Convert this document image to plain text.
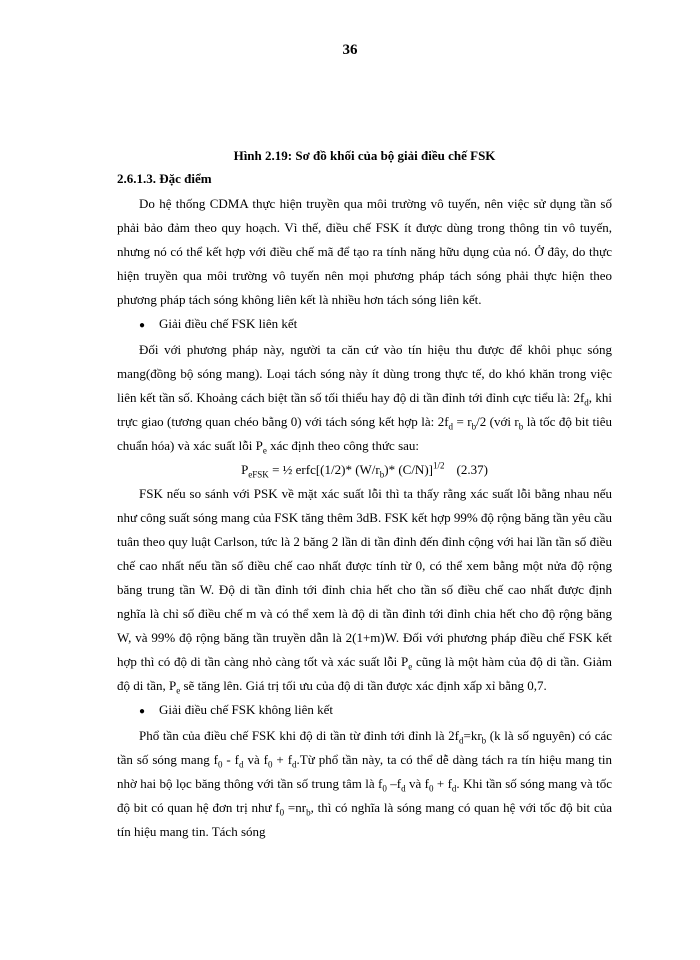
36
Hình 2.19: Sơ đồ khối của bộ giải điều chế FSK
2.6.1.3. Đặc điểm

Do hệ thống CDMA thực hiện truyền qua môi trường vô tuyến, nên việc sử dụng tần số phải bảo đảm theo quy hoạch. Vì thế, điều chế FSK ít được dùng trong thông tin vô tuyến, nhưng nó có thể kết hợp với điều chế mã để tạo ra tính năng hữu dụng của nó. Ở đây, do thực hiện truyền qua môi trường vô tuyến nên mọi phương pháp tách sóng phải thực hiện theo phương pháp tách sóng không liên kết là nhiều hơn tách sóng liên kết.

● Giải điều chế FSK liên kết

Đối với phương pháp này, người ta căn cứ vào tín hiệu thu được để khôi phục sóng mang(đồng bộ sóng mang). Loại tách sóng này ít dùng trong thực tế, do khó khăn trong việc liên kết tần số. Khoảng cách biệt tần số tối thiểu hay độ di tần đỉnh tới đỉnh cực tiểu là: $2f_d$, khi trực giao (tương quan chéo bằng 0) với tách sóng kết hợp là: $2f_d = r_b/2$ (với $r_b$ là tốc độ bit tiêu chuẩn hóa) và xác suất lỗi $P_e$ xác định theo công thức sau:

$P_{eFSK}$ = ½ erfc[(1/2)* $(W/r_b)*$ (C/N)]$^{1/2}$ (2.37)

FSK nếu so sánh với PSK về mặt xác suất lỗi thì ta thấy rằng xác suất lỗi bằng nhau nếu như công suất sóng mang của FSK tăng thêm 3dB. FSK kết hợp 99% độ rộng băng tần yêu cầu tuân theo quy luật Carlson, tức là 2 băng 2 lần di tần đỉnh đến đỉnh cộng với hai lần tần số điều chế cao nhất nếu tần số điều chế cao nhất được tính từ 0, có thể xem bằng một nửa độ rộng băng trung tần W. Độ di tần đỉnh tới đỉnh chia hết cho tần số điều chế cao nhất được định nghĩa là chỉ số điều chế m và có thể xem là độ di tần đỉnh tới đỉnh chia hết cho độ rộng băng W, và 99% độ rộng băng tần truyền dẫn là 2(1+m)W. Đối với phương pháp điều chế FSK kết hợp thì có độ di tần càng nhỏ càng tốt và xác suất lỗi $P_e$ cũng là một hàm của độ di tần. Giảm độ di tần, $P_e$ sẽ tăng lên. Giá trị tối ưu của độ di tần được xác định xấp xỉ bằng 0,7.

● Giải điều chế FSK không liên kết

Phổ tần của điều chế FSK khi độ di tần từ đỉnh tới đỉnh là $2f_d=kr_b$ (k là số nguyên) có các tần số sóng mang $f_0 - f_d$ và $f_0$ + $f_d.Từ$ phổ tần này, ta có thể dễ dàng tách ra tín hiệu mang tin nhờ hai bộ lọc băng thông với tần số trung tâm là $f_0$ $-f_d$ và $f_0 + f_d$. Khi tần số sóng mang và tốc độ bit có quan hệ đơn trị như $f_0 =nr_b$, thì có nghĩa là sóng mang có quan hệ với tốc độ bit của tín hiệu mang tin. Tách sóng
